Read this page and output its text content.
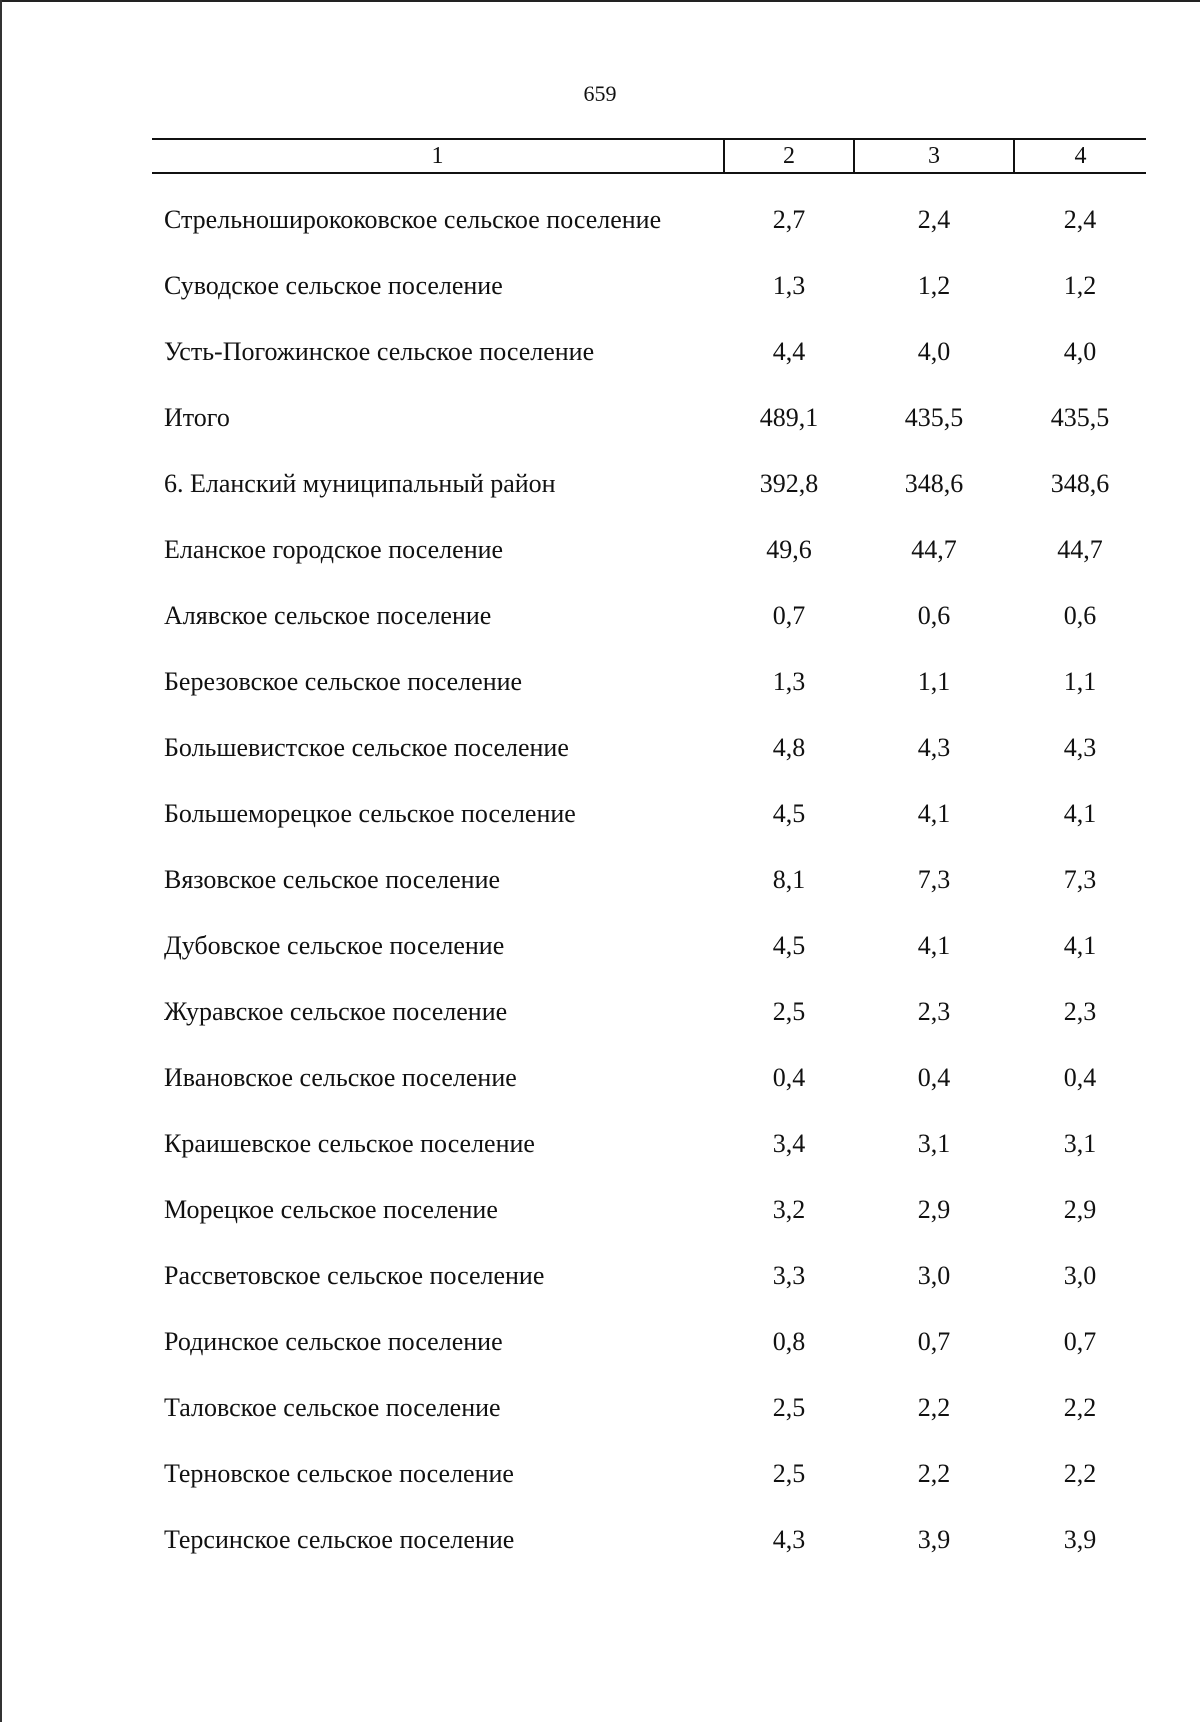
659
1	2	3	4
Стрельноширококовское сельское поселение	2,7	2,4	2,4
Суводское сельское поселение	1,3	1,2	1,2
Усть-Погожинское сельское поселение	4,4	4,0	4,0
Итого	489,1	435,5	435,5
6. Еланский муниципальный район	392,8	348,6	348,6
Еланское городское поселение	49,6	44,7	44,7
Алявское сельское поселение	0,7	0,6	0,6
Березовское сельское поселение	1,3	1,1	1,1
Большевистское сельское поселение	4,8	4,3	4,3
Большеморецкое сельское поселение	4,5	4,1	4,1
Вязовское сельское поселение	8,1	7,3	7,3
Дубовское сельское поселение	4,5	4,1	4,1
Журавское сельское поселение	2,5	2,3	2,3
Ивановское сельское поселение	0,4	0,4	0,4
Краишевское сельское поселение	3,4	3,1	3,1
Морецкое сельское поселение	3,2	2,9	2,9
Рассветовское сельское поселение	3,3	3,0	3,0
Родинское сельское поселение	0,8	0,7	0,7
Таловское сельское поселение	2,5	2,2	2,2
Терновское сельское поселение	2,5	2,2	2,2
Терсинское сельское поселение	4,3	3,9	3,9
